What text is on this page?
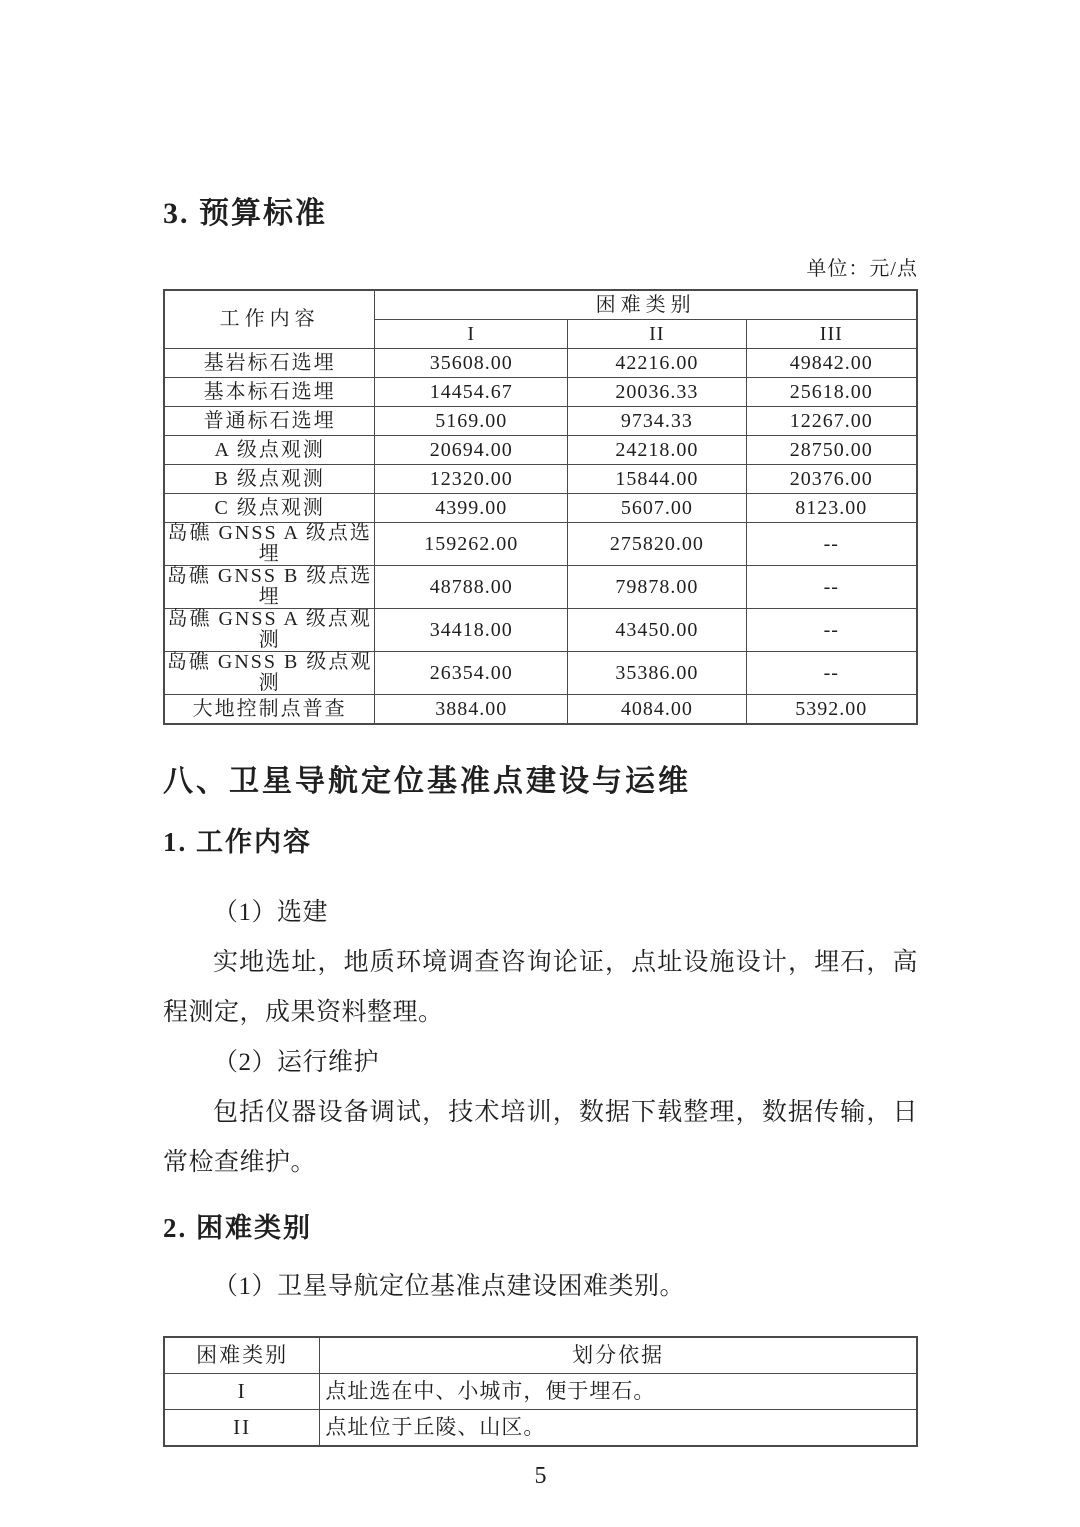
3. 预算标准
单位：元/点
工作内容	困难类别		
	I	II	III
基岩标石选埋	35608.00	42216.00	49842.00
基本标石选埋	14454.67	20036.33	25618.00
普通标石选埋	5169.00	9734.33	12267.00
A 级点观测	20694.00	24218.00	28750.00
B 级点观测	12320.00	15844.00	20376.00
C 级点观测	4399.00	5607.00	8123.00
岛礁 GNSS A 级点选埋	159262.00	275820.00	--
岛礁 GNSS B 级点选埋	48788.00	79878.00	--
岛礁 GNSS A 级点观测	34418.00	43450.00	--
岛礁 GNSS B 级点观测	26354.00	35386.00	--
大地控制点普查	3884.00	4084.00	5392.00
八、卫星导航定位基准点建设与运维
1. 工作内容

（1）选建

实地选址，地质环境调查咨询论证，点址设施设计，埋石，高程测定，成果资料整理。

（2）运行维护

包括仪器设备调试，技术培训，数据下载整理，数据传输，日常检查维护。

2. 困难类别

（1）卫星导航定位基准点建设困难类别。

困难类别	划分依据
I	点址选在中、小城市，便于埋石。
II	点址位于丘陵、山区。
5
